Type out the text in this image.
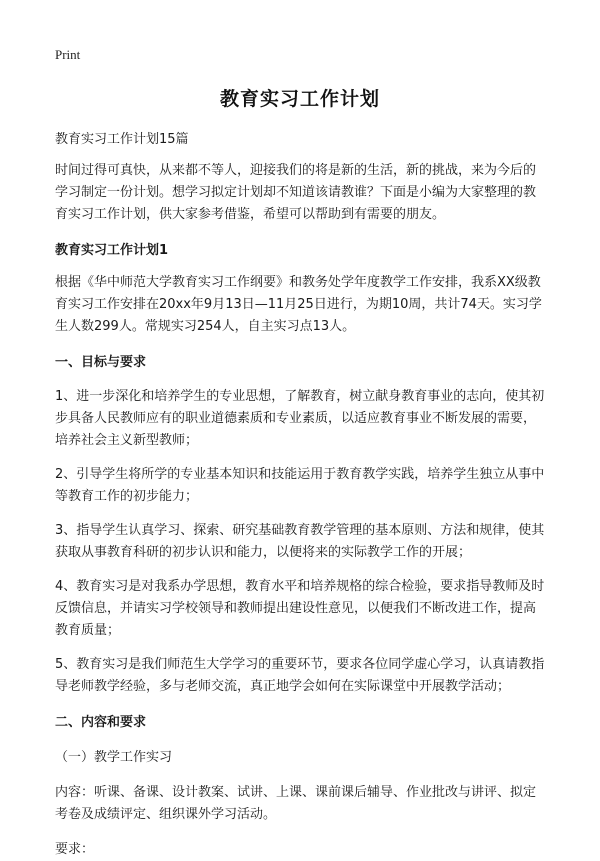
Print
教育实习工作计划

教育实习工作计划15篇

时间过得可真快，从来都不等人，迎接我们的将是新的生活，新的挑战，来为今后的学习制定一份计划。想学习拟定计划却不知道该请教谁？下面是小编为大家整理的教育实习工作计划，供大家参考借鉴，希望可以帮助到有需要的朋友。

教育实习工作计划1

根据《华中师范大学教育实习工作纲要》和教务处学年度教学工作安排，我系XX级教育实习工作安排在20xx年9月13日—11月25日进行，为期10周，共计74天。实习学生人数299人。常规实习254人，自主实习点13人。

一、目标与要求

1、进一步深化和培养学生的专业思想，了解教育，树立献身教育事业的志向，使其初步具备人民教师应有的职业道德素质和专业素质，以适应教育事业不断发展的需要，培养社会主义新型教师；

2、引导学生将所学的专业基本知识和技能运用于教育教学实践，培养学生独立从事中等教育工作的初步能力；

3、指导学生认真学习、探索、研究基础教育教学管理的基本原则、方法和规律，使其获取从事教育科研的初步认识和能力，以便将来的实际教学工作的开展；

4、教育实习是对我系办学思想，教育水平和培养规格的综合检验，要求指导教师及时反馈信息，并请实习学校领导和教师提出建设性意见，以便我们不断改进工作，提高教育质量；

5、教育实习是我们师范生大学学习的重要环节，要求各位同学虚心学习，认真请教指导老师教学经验，多与老师交流，真正地学会如何在实际课堂中开展教学活动；

二、内容和要求

（一）教学工作实习

内容：听课、备课、设计教案、试讲、上课、课前课后辅导、作业批改与讲评、拟定考卷及成绩评定、组织课外学习活动。

要求：
